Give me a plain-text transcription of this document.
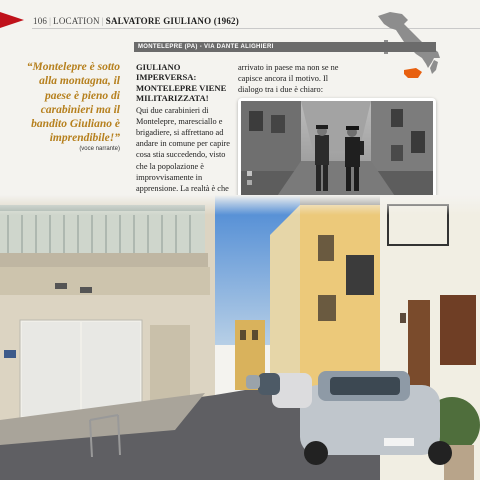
106 | LOCATION | SALVATORE GIULIANO (1962)
MONTELEPRE (PA) - VIA DANTE ALIGHIERI
“Montelepre è sotto alla montagna, il paese è pieno di carabinieri ma il bandito Giuliano è imprendibile!”
(voce narrante)
GIULIANO IMPERVERSA: MONTELEPRE VIENE MILITARIZZATA!
Qui due carabinieri di Montelepre, maresciallo e brigadiere, si affrettano ad andare in comune per capire cosa stia succedendo, visto che la popolazione è improvvisamente in apprensione. La realtà è che
arrivato in paese ma non se ne capisce ancora il motivo. Il dialogo tra i due è chiaro:
